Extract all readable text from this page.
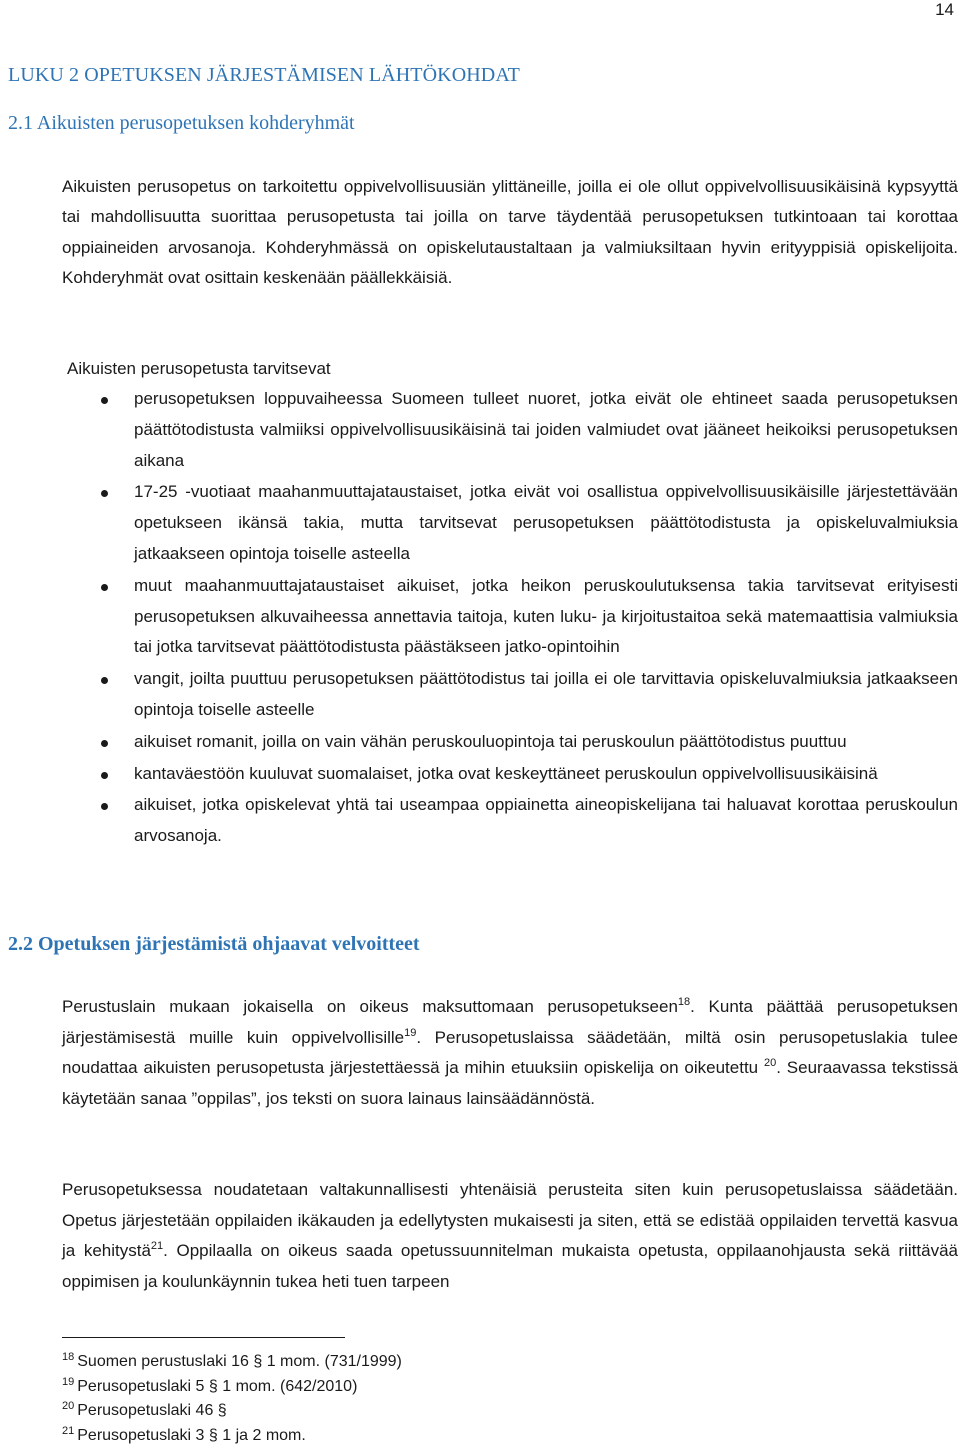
14
LUKU 2 OPETUKSEN JÄRJESTÄMISEN LÄHTÖKOHDAT
2.1 Aikuisten perusopetuksen kohderyhmät

Aikuisten perusopetus on tarkoitettu oppivelvollisuusiän ylittäneille, joilla ei ole ollut oppivelvollisuusikäisinä kypsyyttä tai mahdollisuutta suorittaa perusopetusta tai joilla on tarve täydentää perusopetuksen tutkintoaan tai korottaa oppiaineiden arvosanoja. Kohderyhmässä on opiskelutaustaltaan ja valmiuksiltaan hyvin erityyppisiä opiskelijoita. Kohderyhmät ovat osittain keskenään päällekkäisiä.

Aikuisten perusopetusta tarvitsevat

perusopetuksen loppuvaiheessa Suomeen tulleet nuoret, jotka eivät ole ehtineet saada perusopetuksen päättötodistusta valmiiksi oppivelvollisuusikäisinä tai joiden valmiudet ovat jääneet heikoiksi perusopetuksen aikana
17-25 -vuotiaat maahanmuuttajataustaiset, jotka eivät voi osallistua oppivelvollisuusikäisille järjestettävään opetukseen ikänsä takia, mutta tarvitsevat perusopetuksen päättötodistusta ja opiskeluvalmiuksia jatkaakseen opintoja toiselle asteella
muut maahanmuuttajataustaiset aikuiset, jotka heikon peruskoulutuksensa takia tarvitsevat erityisesti perusopetuksen alkuvaiheessa annettavia taitoja, kuten luku- ja kirjoitustaitoa sekä matemaattisia valmiuksia tai jotka tarvitsevat päättötodistusta päästäkseen jatko-opintoihin
vangit, joilta puuttuu perusopetuksen päättötodistus tai joilla ei ole tarvittavia opiskeluvalmiuksia jatkaakseen opintoja toiselle asteelle
aikuiset romanit, joilla on vain vähän peruskouluopintoja tai peruskoulun päättötodistus puuttuu
kantaväestöön kuuluvat suomalaiset, jotka ovat keskeyttäneet peruskoulun oppivelvollisuusikäisinä
aikuiset, jotka opiskelevat yhtä tai useampaa oppiainetta aineopiskelijana tai haluavat korottaa peruskoulun arvosanoja.
2.2 Opetuksen järjestämistä ohjaavat velvoitteet

Perustuslain mukaan jokaisella on oikeus maksuttomaan perusopetukseen$^{18}$. Kunta päättää perusopetuksen järjestämisestä muille kuin oppivelvollisille$^{19}$. Perusopetuslaissa säädetään, miltä osin perusopetuslakia tulee noudattaa aikuisten perusopetusta järjestettäessä ja mihin etuuksiin opiskelija on oikeutettu $^{20}$. Seuraavassa tekstissä käytetään sanaa ”oppilas”, jos teksti on suora lainaus lainsäädännöstä.

Perusopetuksessa noudatetaan valtakunnallisesti yhtenäisiä perusteita siten kuin perusopetuslaissa säädetään. Opetus järjestetään oppilaiden ikäkauden ja edellytysten mukaisesti ja siten, että se edistää oppilaiden tervettä kasvua ja kehitystä$^{21}$. Oppilaalla on oikeus saada opetussuunnitelman mukaista opetusta, oppilaanohjausta sekä riittävää oppimisen ja koulunkäynnin tukea heti tuen tarpeen

$^{18}$ Suomen perustuslaki 16 § 1 mom. (731/1999)
$^{19}$ Perusopetuslaki 5 § 1 mom. (642/2010)
$^{20}$ Perusopetuslaki 46 §
$^{21}$ Perusopetuslaki 3 § 1 ja 2 mom.
